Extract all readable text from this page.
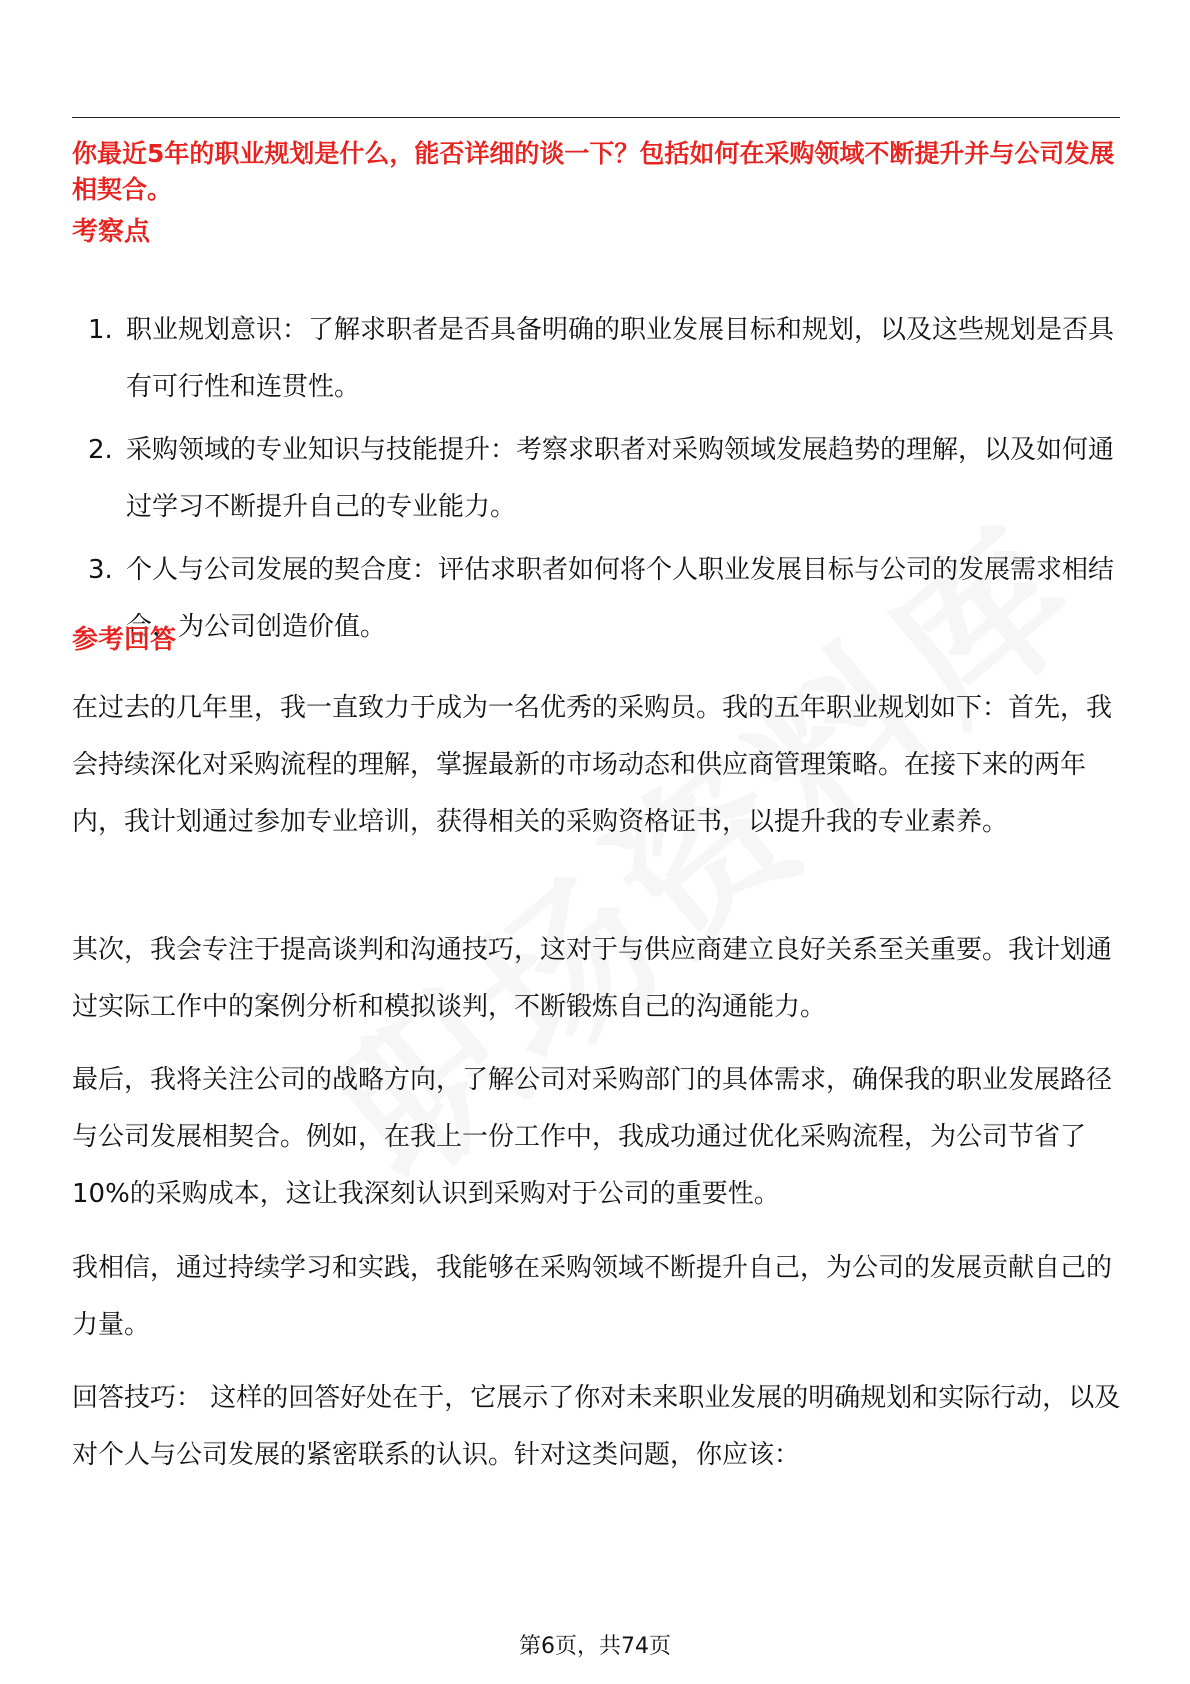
你最近5年的职业规划是什么，能否详细的谈一下？包括如何在采购领域不断提升并与公司发展相契合。
考察点
1. 职业规划意识：了解求职者是否具备明确的职业发展目标和规划，以及这些规划是否具有可行性和连贯性。
2. 采购领域的专业知识与技能提升：考察求职者对采购领域发展趋势的理解，以及如何通过学习不断提升自己的专业能力。
3. 个人与公司发展的契合度：评估求职者如何将个人职业发展目标与公司的发展需求相结合，为公司创造价值。
参考回答

在过去的几年里，我一直致力于成为一名优秀的采购员。我的五年职业规划如下：首先，我会持续深化对采购流程的理解，掌握最新的市场动态和供应商管理策略。在接下来的两年内，我计划通过参加专业培训，获得相关的采购资格证书，以提升我的专业素养。

其次，我会专注于提高谈判和沟通技巧，这对于与供应商建立良好关系至关重要。我计划通过实际工作中的案例分析和模拟谈判，不断锻炼自己的沟通能力。

最后，我将关注公司的战略方向，了解公司对采购部门的具体需求，确保我的职业发展路径与公司发展相契合。例如，在我上一份工作中，我成功通过优化采购流程，为公司节省了10%的采购成本，这让我深刻认识到采购对于公司的重要性。

我相信，通过持续学习和实践，我能够在采购领域不断提升自己，为公司的发展贡献自己的力量。

回答技巧： 这样的回答好处在于，它展示了你对未来职业发展的明确规划和实际行动，以及对个人与公司发展的紧密联系的认识。针对这类问题，你应该：

第6页，共74页
